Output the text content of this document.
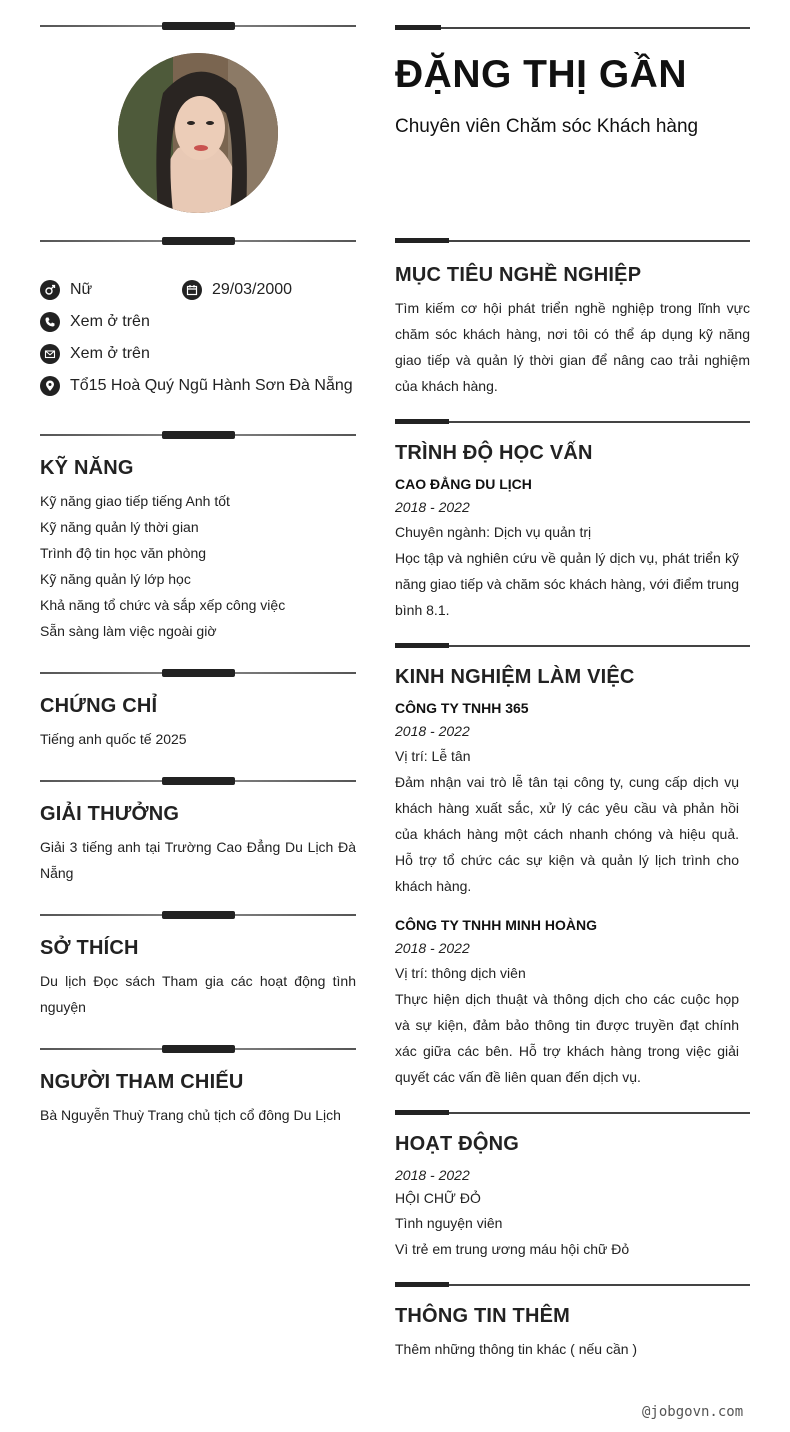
Nữ	29/03/2000
Xem ở trên
Xem ở trên
Tổ15 Hoà Quý Ngũ Hành Sơn Đà Nẵng
KỸ NĂNG
Kỹ năng giao tiếp tiếng Anh tốt
Kỹ năng quản lý thời gian
Trình độ tin học văn phòng
Kỹ năng quản lý lớp học
Khả năng tổ chức và sắp xếp công việc
Sẵn sàng làm việc ngoài giờ
CHỨNG CHỈ
Tiếng anh quốc tế 2025
GIẢI THƯỞNG
Giải 3 tiếng anh tại Trường Cao Đẳng Du Lịch Đà Nẵng
SỞ THÍCH
Du lịch Đọc sách Tham gia các hoạt động tình nguyện
NGƯỜI THAM CHIẾU
Bà Nguyễn Thuỳ Trang chủ tịch cổ đông Du Lịch
ĐẶNG THỊ GẦN
Chuyên viên Chăm sóc Khách hàng
MỤC TIÊU NGHỀ NGHIỆP
Tìm kiếm cơ hội phát triển nghề nghiệp trong lĩnh vực chăm sóc khách hàng, nơi tôi có thể áp dụng kỹ năng giao tiếp và quản lý thời gian để nâng cao trải nghiệm của khách hàng.
TRÌNH ĐỘ HỌC VẤN
CAO ĐẲNG DU LỊCH
2018 - 2022
Chuyên ngành: Dịch vụ quản trị
Học tập và nghiên cứu về quản lý dịch vụ, phát triển kỹ năng giao tiếp và chăm sóc khách hàng, với điểm trung bình 8.1.
KINH NGHIỆM LÀM VIỆC
CÔNG TY TNHH 365
2018 - 2022
Vị trí: Lễ tân
Đảm nhận vai trò lễ tân tại công ty, cung cấp dịch vụ khách hàng xuất sắc, xử lý các yêu cầu và phản hồi của khách hàng một cách nhanh chóng và hiệu quả. Hỗ trợ tổ chức các sự kiện và quản lý lịch trình cho khách hàng.
CÔNG TY TNHH MINH HOÀNG
2018 - 2022
Vị trí: thông dịch viên
Thực hiện dịch thuật và thông dịch cho các cuộc họp và sự kiện, đảm bảo thông tin được truyền đạt chính xác giữa các bên. Hỗ trợ khách hàng trong việc giải quyết các vấn đề liên quan đến dịch vụ.
HOẠT ĐỘNG
2018 - 2022
HỘI CHỮ ĐỎ
Tình nguyện viên
Vì trẻ em trung ương máu hội chữ Đỏ
THÔNG TIN THÊM
Thêm những thông tin khác ( nếu cần )
@jobgovn.com
